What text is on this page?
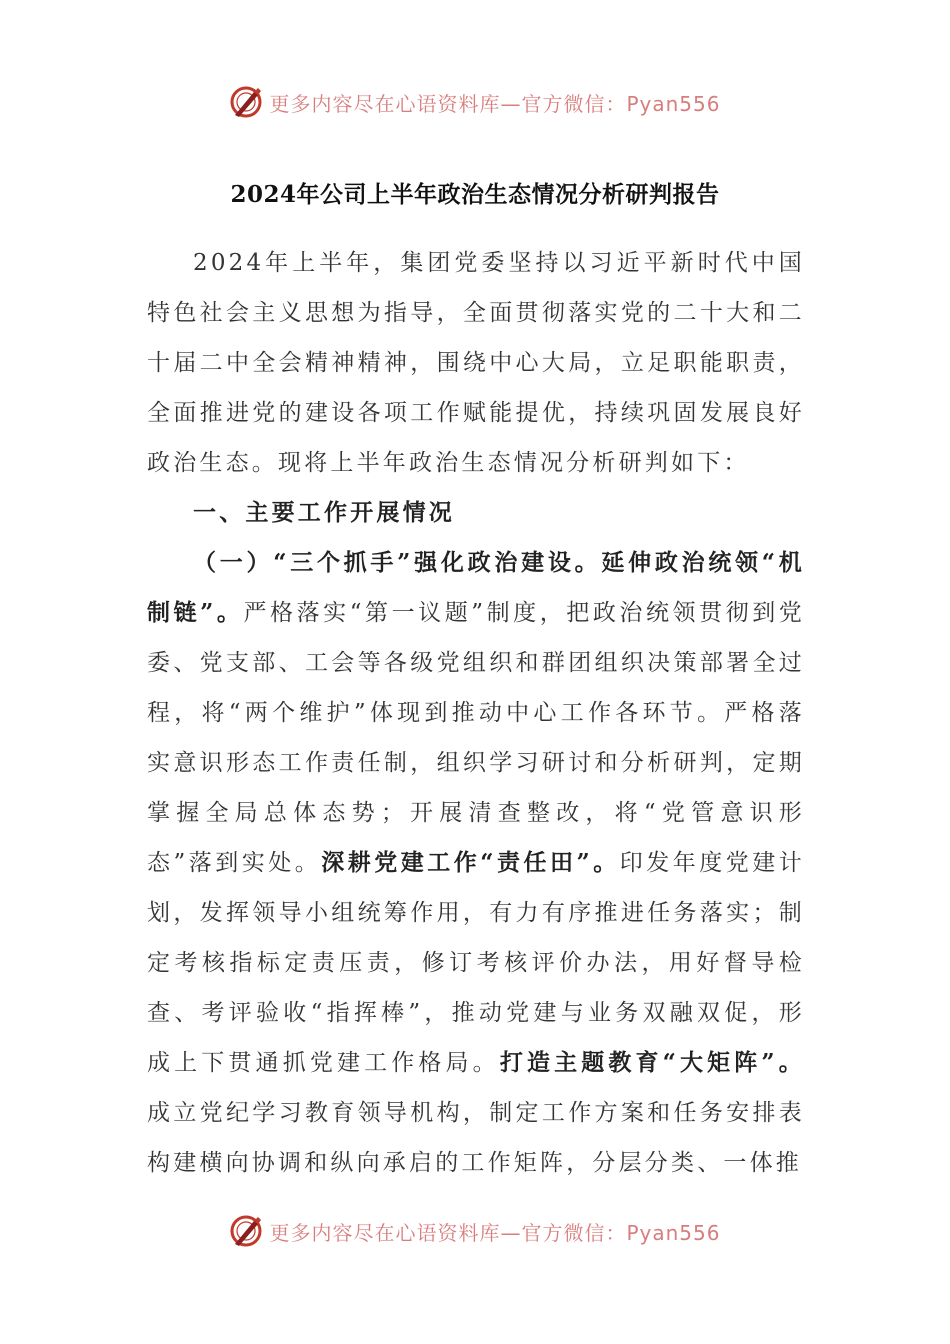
更多内容尽在心语资料库—官方微信：Pyan556
2024年公司上半年政治生态情况分析研判报告

2024年上半年，集团党委坚持以习近平新时代中国特色社会主义思想为指导，全面贯彻落实党的二十大和二十届二中全会精神精神，围绕中心大局，立足职能职责，全面推进党的建设各项工作赋能提优，持续巩固发展良好政治生态。现将上半年政治生态情况分析研判如下：

一、主要工作开展情况

（一）“三个抓手”强化政治建设。延伸政治统领“机制链”。严格落实“第一议题”制度，把政治统领贯彻到党委、党支部、工会等各级党组织和群团组织决策部署全过程，将“两个维护”体现到推动中心工作各环节。严格落实意识形态工作责任制，组织学习研讨和分析研判，定期掌握全局总体态势；开展清查整改，将“党管意识形态”落到实处。深耕党建工作“责任田”。印发年度党建计划，发挥领导小组统筹作用，有力有序推进任务落实；制定考核指标定责压责，修订考核评价办法，用好督导检查、考评验收“指挥棒”，推动党建与业务双融双促，形成上下贯通抓党建工作格局。打造主题教育“大矩阵”。成立党纪学习教育领导机构，制定工作方案和任务安排表构建横向协调和纵向承启的工作矩阵，分层分类、一体推

更多内容尽在心语资料库—官方微信：Pyan556
